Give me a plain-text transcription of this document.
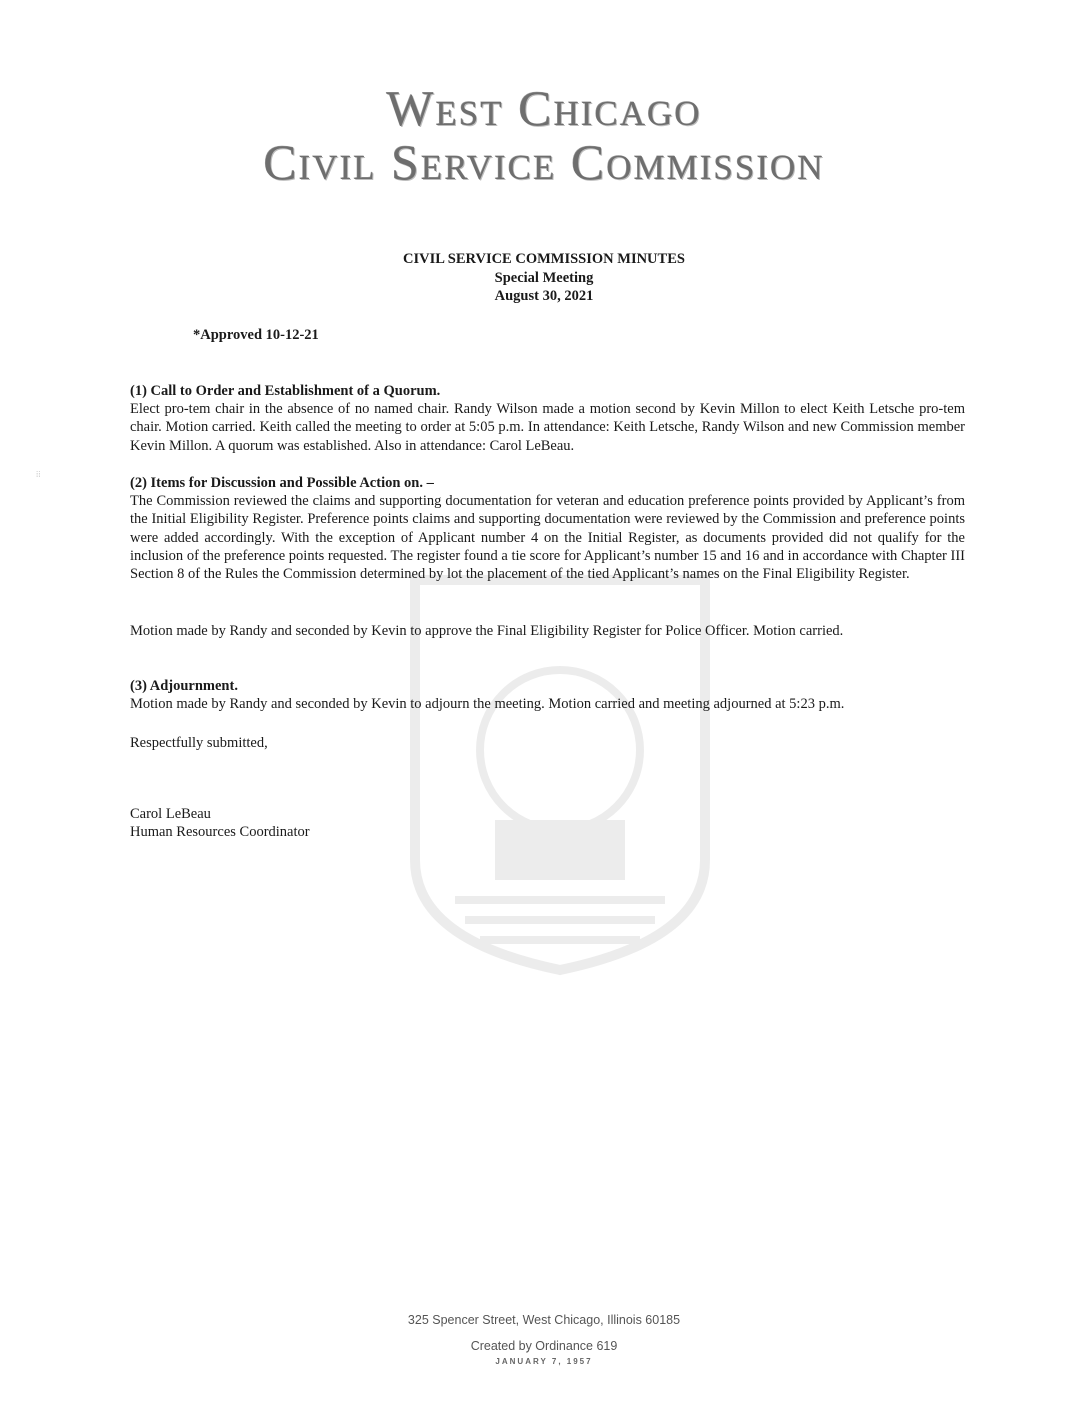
⁞⁞
West Chicago
Civil Service Commission
CIVIL SERVICE COMMISSION MINUTES
Special Meeting
August 30, 2021
*Approved 10-12-21
(1) Call to Order and Establishment of a Quorum.
Elect pro-tem chair in the absence of no named chair. Randy Wilson made a motion second by Kevin Millon to elect Keith Letsche pro-tem chair. Motion carried. Keith called the meeting to order at 5:05 p.m. In attendance: Keith Letsche, Randy Wilson and new Commission member Kevin Millon. A quorum was established. Also in attendance: Carol LeBeau.
(2) Items for Discussion and Possible Action on. –
The Commission reviewed the claims and supporting documentation for veteran and education preference points provided by Applicant’s from the Initial Eligibility Register. Preference points claims and supporting documentation were reviewed by the Commission and preference points were added accordingly. With the exception of Applicant number 4 on the Initial Register, as documents provided did not qualify for the inclusion of the preference points requested. The register found a tie score for Applicant’s number 15 and 16 and in accordance with Chapter III Section 8 of the Rules the Commission determined by lot the placement of the tied Applicant’s names on the Final Eligibility Register.
Motion made by Randy and seconded by Kevin to approve the Final Eligibility Register for Police Officer. Motion carried.
(3) Adjournment.
Motion made by Randy and seconded by Kevin to adjourn the meeting. Motion carried and meeting adjourned at 5:23 p.m.
Respectfully submitted,
Carol LeBeau
Human Resources Coordinator
325 Spencer Street, West Chicago, Illinois 60185
Created by Ordinance 619
JANUARY 7, 1957
